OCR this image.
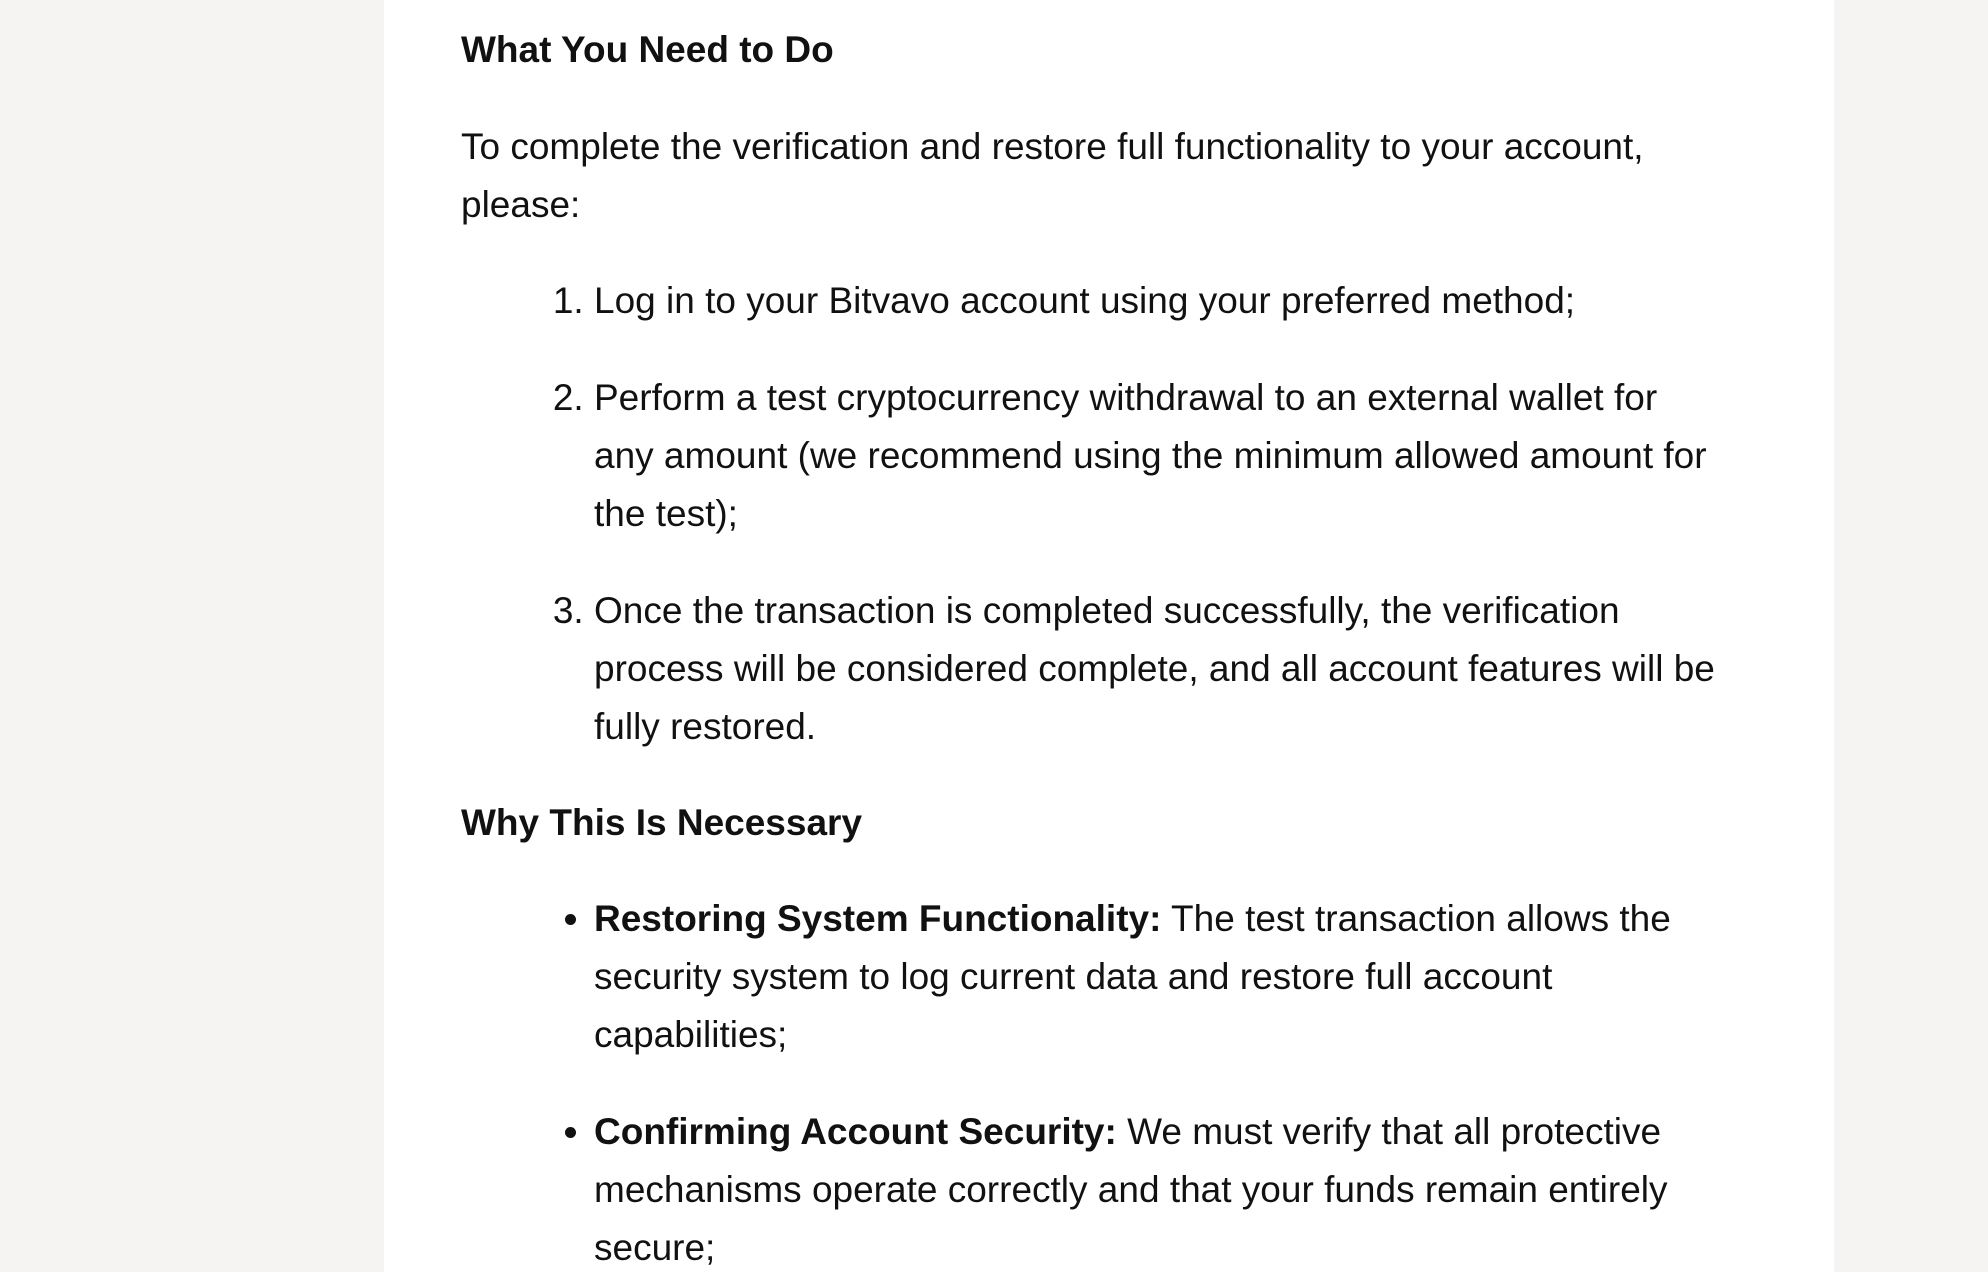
What You Need to Do

To complete the verification and restore full functionality to your account, please:

1. Log in to your Bitvavo account using your preferred method;
2. Perform a test cryptocurrency withdrawal to an external wallet for any amount (we recommend using the minimum allowed amount for the test);
3. Once the transaction is completed successfully, the verification process will be considered complete, and all account features will be fully restored.
Why This Is Necessary
• Restoring System Functionality: The test transaction allows the security system to log current data and restore full account capabilities;
• Confirming Account Security: We must verify that all protective mechanisms operate correctly and that your funds remain entirely secure;
